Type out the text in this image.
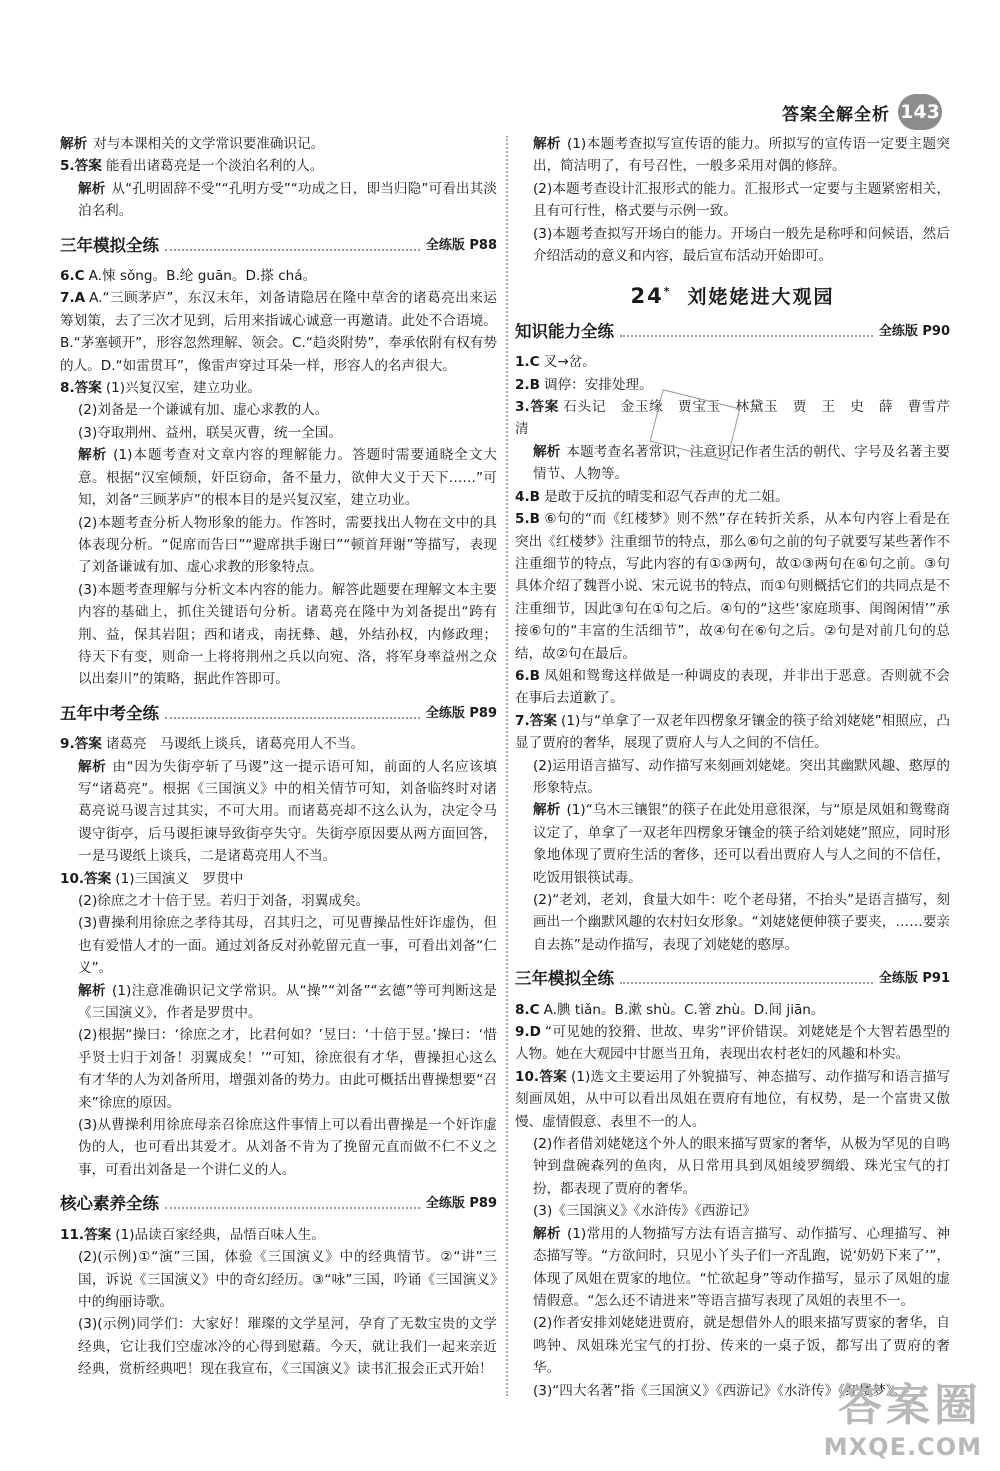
答案全解全析 143

解析 对与本课相关的文学常识要准确识记。

5.答案 能看出诸葛亮是一个淡泊名利的人。

解析 从“孔明固辞不受”“孔明方受”“功成之日，即当归隐”可看出其淡泊名利。

三年模拟全练	全练版 P88

6.C A.悚 sǒng。B.纶 guān。D.搽 chá。

7.A A.“三顾茅庐”，东汉末年，刘备请隐居在隆中草舍的诸葛亮出来运筹划策，去了三次才见到，后用来指诚心诚意一再邀请。此处不合语境。B.“茅塞顿开”，形容忽然理解、领会。C.“趋炎附势”，奉承依附有权有势的人。D.“如雷贯耳”，像雷声穿过耳朵一样，形容人的名声很大。

8.答案 (1)兴复汉室，建立功业。

(2)刘备是一个谦诚有加、虚心求教的人。

(3)夺取荆州、益州，联吴灭曹，统一全国。

解析 (1)本题考查对文章内容的理解能力。答题时需要通晓全文大意。根据“汉室倾颓，奸臣窃命，备不量力，欲伸大义于天下……”可知，刘备“三顾茅庐”的根本目的是兴复汉室，建立功业。

(2)本题考查分析人物形象的能力。作答时，需要找出人物在文中的具体表现分析。“促席而告曰”“避席拱手谢曰”“顿首拜谢”等描写，表现了刘备谦诚有加、虚心求教的形象特点。

(3)本题考查理解与分析文本内容的能力。解答此题要在理解文本主要内容的基础上，抓住关键语句分析。诸葛亮在隆中为刘备提出“跨有荆、益，保其岩阻；西和诸戎，南抚彝、越，外结孙权，内修政理；待天下有变，则命一上将将荆州之兵以向宛、洛，将军身率益州之众以出秦川”的策略，据此作答即可。

五年中考全练	全练版 P89

9.答案 诸葛亮　马谡纸上谈兵，诸葛亮用人不当。

解析 由“因为失街亭斩了马谡”这一提示语可知，前面的人名应该填写“诸葛亮”。根据《三国演义》中的相关情节可知，刘备临终时对诸葛亮说马谡言过其实，不可大用。而诸葛亮却不这么认为，决定令马谡守街亭，后马谡拒谏导致街亭失守。失街亭原因要从两方面回答，一是马谡纸上谈兵，二是诸葛亮用人不当。

10.答案 (1)三国演义　罗贯中

(2)徐庶之才十倍于昱。若归于刘备，羽翼成矣。

(3)曹操利用徐庶之孝待其母，召其归之，可见曹操品性奸诈虚伪，但也有爱惜人才的一面。通过刘备反对孙乾留元直一事，可看出刘备“仁义”。

解析 (1)注意准确识记文学常识。从“操”“刘备”“玄德”等可判断这是《三国演义》，作者是罗贯中。

(2)根据“操曰：‘徐庶之才，比君何如？’昱曰：‘十倍于昱。’操曰：‘惜乎贤士归于刘备！羽翼成矣！’”可知，徐庶很有才华，曹操担心这么有才华的人为刘备所用，增强刘备的势力。由此可概括出曹操想要“召来”徐庶的原因。

(3)从曹操利用徐庶母亲召徐庶这件事情上可以看出曹操是一个奸诈虚伪的人，也可看出其爱才。从刘备不肯为了挽留元直而做不仁不义之事，可看出刘备是一个讲仁义的人。

核心素养全练	全练版 P89

11.答案 (1)品读百家经典，品悟百味人生。

(2)(示例)①“演”三国，体验《三国演义》中的经典情节。②“讲”三国，诉说《三国演义》中的奇幻经历。③“咏”三国，吟诵《三国演义》中的绚丽诗歌。

(3)(示例)同学们：大家好！璀璨的文学星河，孕育了无数宝贵的文学经典，它让我们空虚冰冷的心得到慰藉。今天，就让我们一起来亲近经典，赏析经典吧！现在我宣布，《三国演义》读书汇报会正式开始！

解析 (1)本题考查拟写宣传语的能力。所拟写的宣传语一定要主题突出，简洁明了，有号召性，一般多采用对偶的修辞。

(2)本题考查设计汇报形式的能力。汇报形式一定要与主题紧密相关，且有可行性，格式要与示例一致。

(3)本题考查拟写开场白的能力。开场白一般先是称呼和问候语，然后介绍活动的意义和内容，最后宣布活动开始即可。

24* 刘姥姥进大观园
知识能力全练	全练版 P90

1.C 叉→岔。

2.B 调停：安排处理。

3.答案 石头记　金玉缘　贾宝玉　林黛玉　贾　王　史　薛　曹雪芹　清

解析 本题考查名著常识，注意识记作者生活的朝代、字号及名著主要情节、人物等。

4.B 是敢于反抗的晴雯和忍气吞声的尤二姐。

5.B ⑥句的“而《红楼梦》则不然”存在转折关系，从本句内容上看是在突出《红楼梦》注重细节的特点，那么⑥句之前的句子就要写某些著作不注重细节的特点，写此内容的有①③两句，故①③两句在⑥句之前。③句具体介绍了魏晋小说、宋元说书的特点，而①句则概括它们的共同点是不注重细节，因此③句在①句之后。④句的“这些‘家庭琐事、闺阁闲情’”承接⑥句的“丰富的生活细节”，故④句在⑥句之后。②句是对前几句的总结，故②句在最后。

6.B 凤姐和鸳鸯这样做是一种调皮的表现，并非出于恶意。否则就不会在事后去道歉了。

7.答案 (1)与“单拿了一双老年四楞象牙镶金的筷子给刘姥姥”相照应，凸显了贾府的奢华，展现了贾府人与人之间的不信任。

(2)运用语言描写、动作描写来刻画刘姥姥。突出其幽默风趣、憨厚的形象特点。

解析 (1)“乌木三镶银”的筷子在此处用意很深，与“原是凤姐和鸳鸯商议定了，单拿了一双老年四楞象牙镶金的筷子给刘姥姥”照应，同时形象地体现了贾府生活的奢侈，还可以看出贾府人与人之间的不信任，吃饭用银筷试毒。

(2)“老刘，老刘，食量大如牛：吃个老母猪，不抬头”是语言描写，刻画出一个幽默风趣的农村妇女形象。“刘姥姥便伸筷子要夹，……要亲自去拣”是动作描写，表现了刘姥姥的憨厚。

三年模拟全练	全练版 P91

8.C A.腆 tiǎn。B.漱 shù。C.箸 zhù。D.间 jiān。

9.D “可见她的狡猾、世故、卑劣”评价错误。刘姥姥是个大智若愚型的人物。她在大观园中甘愿当丑角，表现出农村老妇的风趣和朴实。

10.答案 (1)选文主要运用了外貌描写、神态描写、动作描写和语言描写刻画凤姐，从中可以看出凤姐在贾府有地位，有权势，是一个富贵又傲慢、虚情假意、表里不一的人。

(2)作者借刘姥姥这个外人的眼来描写贾家的奢华，从极为罕见的自鸣钟到盘碗森列的鱼肉，从日常用具到凤姐绫罗绸缎、珠光宝气的打扮，都表现了贾府的奢华。

(3)《三国演义》《水浒传》《西游记》

解析 (1)常用的人物描写方法有语言描写、动作描写、心理描写、神态描写等。“方欲问时，只见小丫头子们一齐乱跑，说‘奶奶下来了’”，体现了凤姐在贾家的地位。“忙欲起身”等动作描写，显示了凤姐的虚情假意。“怎么还不请进来”等语言描写表现了凤姐的表里不一。

(2)作者安排刘姥姥进贾府，就是想借外人的眼来描写贾家的奢华，自鸣钟、凤姐珠光宝气的打扮、传来的一桌子饭，都写出了贾府的奢华。

(3)“四大名著”指《三国演义》《西游记》《水浒传》《红楼梦》。

答案圈
MXQE.COM
